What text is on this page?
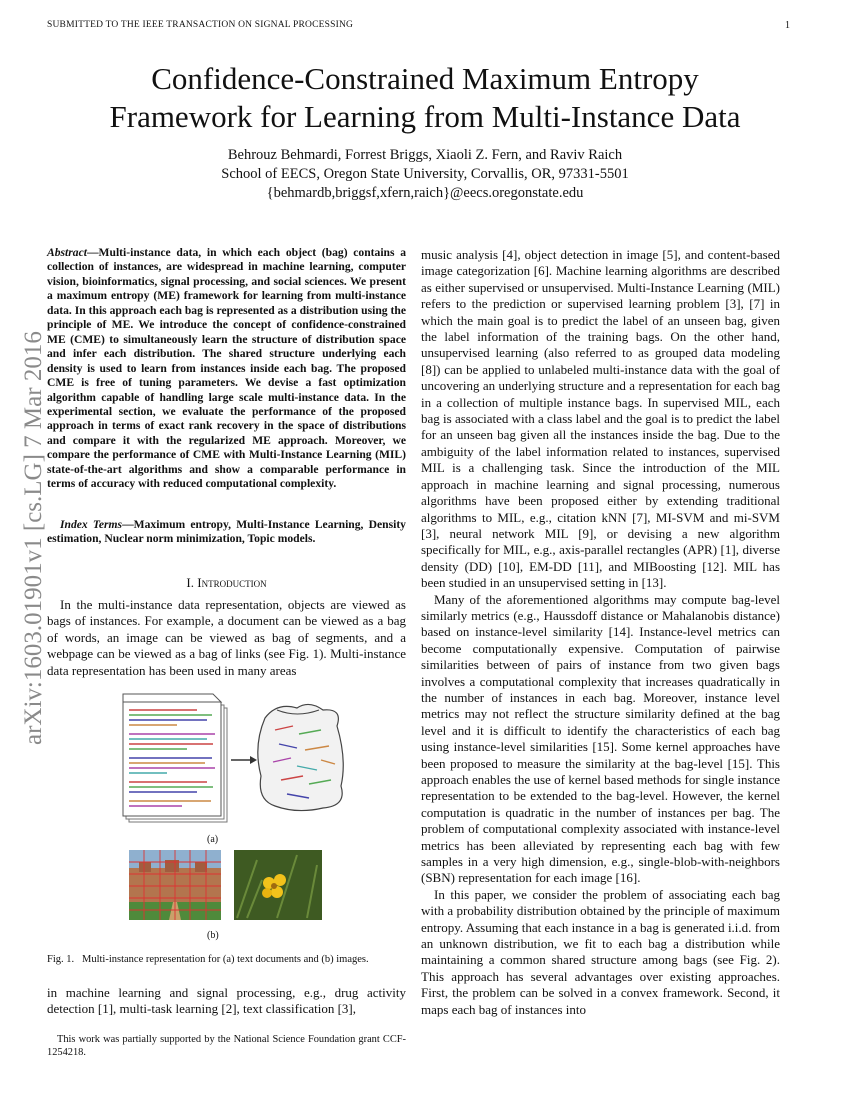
SUBMITTED TO THE IEEE TRANSACTION ON SIGNAL PROCESSING	1
Confidence-Constrained Maximum Entropy
Framework for Learning from Multi-Instance Data
Behrouz Behmardi, Forrest Briggs, Xiaoli Z. Fern, and Raviv Raich
School of EECS, Oregon State University, Corvallis, OR, 97331-5501
{behmardb,briggsf,xfern,raich}@eecs.oregonstate.edu
arXiv:1603.01901v1 [cs.LG] 7 Mar 2016
Abstract—Multi-instance data, in which each object (bag) contains a collection of instances, are widespread in machine learning, computer vision, bioinformatics, signal processing, and social sciences. We present a maximum entropy (ME) framework for learning from multi-instance data. In this approach each bag is represented as a distribution using the principle of ME. We introduce the concept of confidence-constrained ME (CME) to simultaneously learn the structure of distribution space and infer each distribution. The shared structure underlying each density is used to learn from instances inside each bag. The proposed CME is free of tuning parameters. We devise a fast optimization algorithm capable of handling large scale multi-instance data. In the experimental section, we evaluate the performance of the proposed approach in terms of exact rank recovery in the space of distributions and compare it with the regularized ME approach. Moreover, we compare the performance of CME with Multi-Instance Learning (MIL) state-of-the-art algorithms and show a comparable performance in terms of accuracy with reduced computational complexity.
Index Terms—Maximum entropy, Multi-Instance Learning, Density estimation, Nuclear norm minimization, Topic models.
I. Introduction

In the multi-instance data representation, objects are viewed as bags of instances. For example, a document can be viewed as a bag of words, an image can be viewed as bag of segments, and a webpage can be viewed as a bag of links (see Fig. 1). Multi-instance data representation has been used in many areas

(a)
(b)
Fig. 1. Multi-instance representation for (a) text documents and (b) images.

in machine learning and signal processing, e.g., drug activity detection [1], multi-task learning [2], text classification [3],

This work was partially supported by the National Science Foundation grant CCF-1254218.

music analysis [4], object detection in image [5], and content-based image categorization [6]. Machine learning algorithms are described as either supervised or unsupervised. Multi-Instance Learning (MIL) refers to the prediction or supervised learning problem [3], [7] in which the main goal is to predict the label of an unseen bag, given the label information of the training bags. On the other hand, unsupervised learning (also referred to as grouped data modeling [8]) can be applied to unlabeled multi-instance data with the goal of uncovering an underlying structure and a representation for each bag in a collection of multiple instance bags. In supervised MIL, each bag is associated with a class label and the goal is to predict the label for an unseen bag given all the instances inside the bag. Due to the ambiguity of the label information related to instances, supervised MIL is a challenging task. Since the introduction of the MIL approach in machine learning and signal processing, numerous algorithms have been proposed either by extending traditional algorithms to MIL, e.g., citation kNN [7], MI-SVM and mi-SVM [3], neural network MIL [9], or devising a new algorithm specifically for MIL, e.g., axis-parallel rectangles (APR) [1], diverse density (DD) [10], EM-DD [11], and MIBoosting [12]. MIL has been studied in an unsupervised setting in [13].

Many of the aforementioned algorithms may compute bag-level similarly metrics (e.g., Haussdoff distance or Mahalanobis distance) based on instance-level similarity [14]. Instance-level metrics can become computationally expensive. Computation of pairwise similarities between of pairs of instance from two given bags involves a computational complexity that increases quadratically in the number of instances in each bag. Moreover, instance level metrics may not reflect the structure similarity defined at the bag level and it is difficult to identify the characteristics of each bag using instance-level similarities [15]. Some kernel approaches have been proposed to measure the similarity at the bag-level [15]. This approach enables the use of kernel based methods for single instance representation to be extended to the bag-level. However, the kernel computation is quadratic in the number of instances per bag. The problem of computational complexity associated with instance-level metrics has been alleviated by representing each bag with few samples in a very high dimension, e.g., single-blob-with-neighbors (SBN) representation for each image [16].

In this paper, we consider the problem of associating each bag with a probability distribution obtained by the principle of maximum entropy. Assuming that each instance in a bag is generated i.i.d. from an unknown distribution, we fit to each bag a distribution while maintaining a common shared structure among bags (see Fig. 2). This approach has several advantages over existing approaches. First, the problem can be solved in a convex framework. Second, it maps each bag of instances into
